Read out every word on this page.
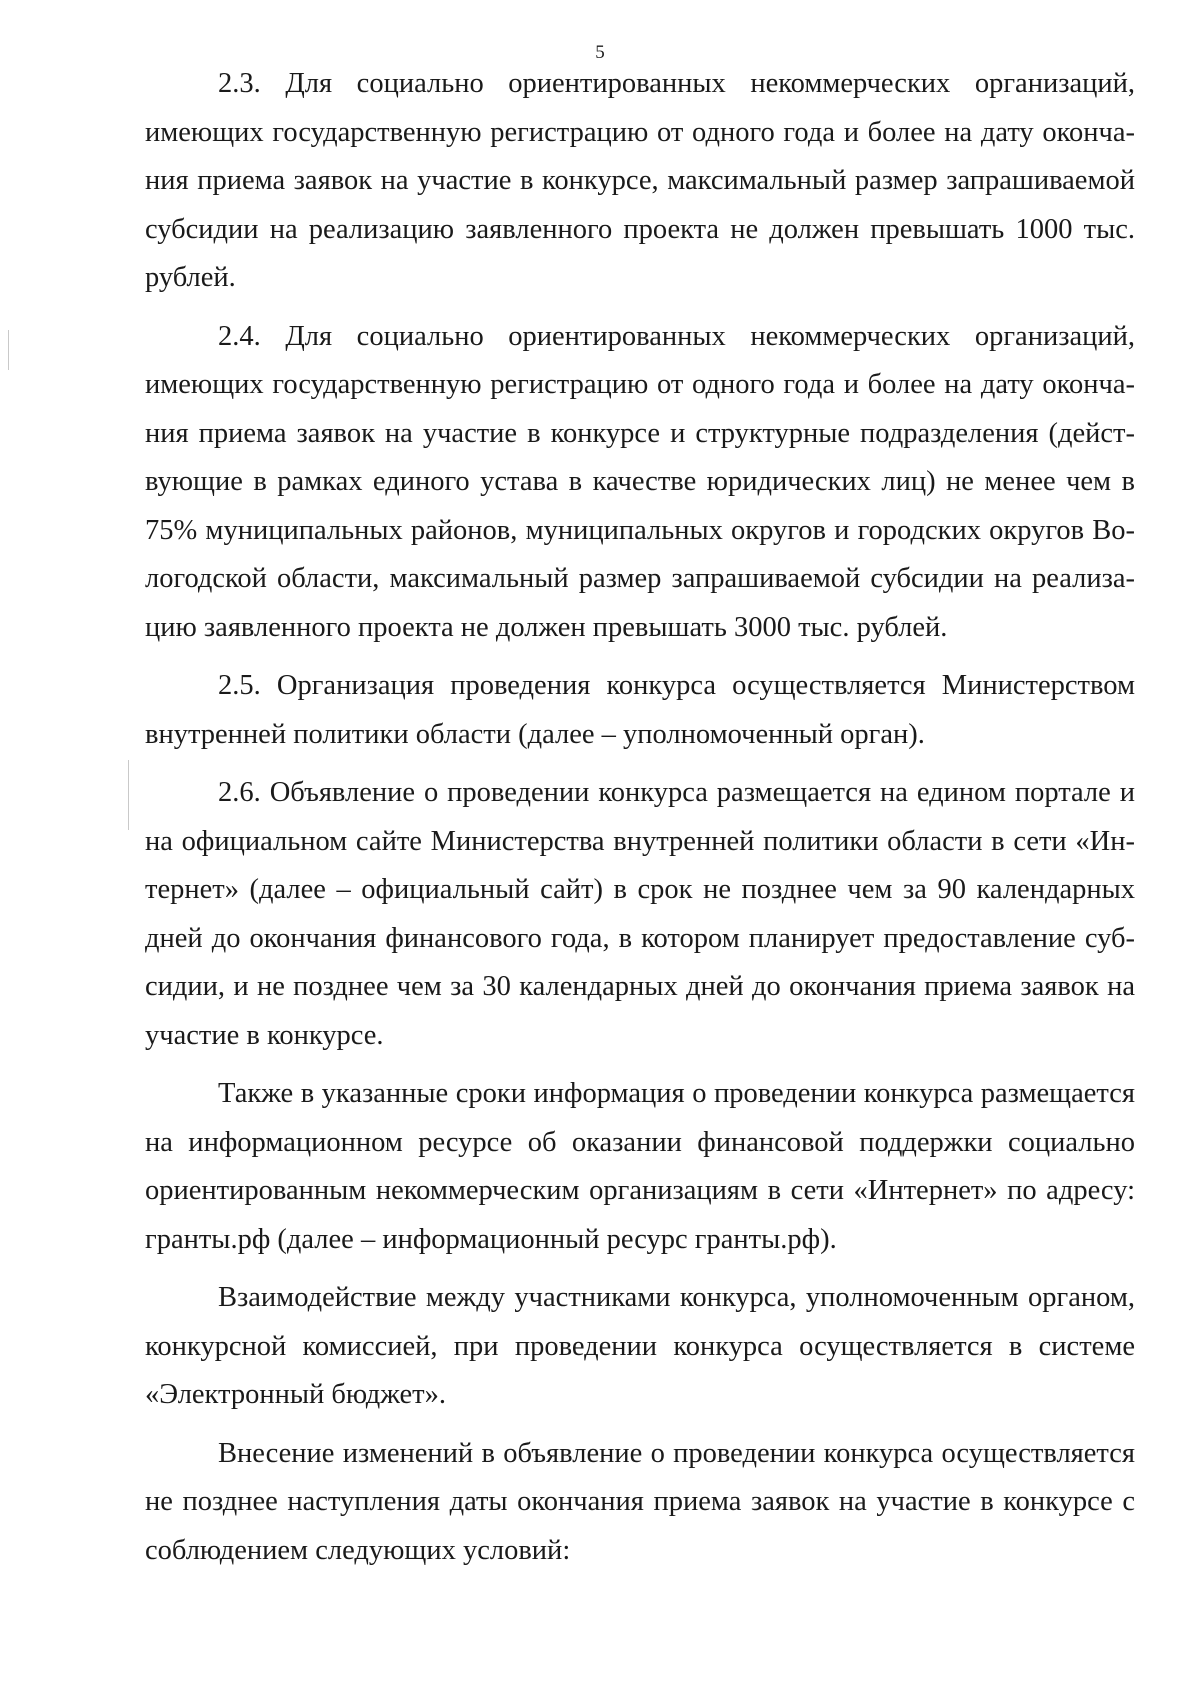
5

2.3. Для социально ориентированных некоммерческих организаций, имеющих государственную регистрацию от одного года и более на дату окончания приема заявок на участие в конкурсе, максимальный размер запрашиваемой субсидии на реализацию заявленного проекта не должен превышать 1000 тыс. рублей.

2.4. Для социально ориентированных некоммерческих организаций, имеющих государственную регистрацию от одного года и более на дату окончания приема заявок на участие в конкурсе и структурные подразделения (действующие в рамках единого устава в качестве юридических лиц) не менее чем в 75% муниципальных районов, муниципальных округов и городских округов Вологодской области, максимальный размер запрашиваемой субсидии на реализацию заявленного проекта не должен превышать 3000 тыс. рублей.

2.5. Организация проведения конкурса осуществляется Министерством внутренней политики области (далее – уполномоченный орган).

2.6. Объявление о проведении конкурса размещается на едином портале и на официальном сайте Министерства внутренней политики области в сети «Интернет» (далее – официальный сайт) в срок не позднее чем за 90 календарных дней до окончания финансового года, в котором планирует предоставление субсидии, и не позднее чем за 30 календарных дней до окончания приема заявок на участие в конкурсе.

Также в указанные сроки информация о проведении конкурса размещается на информационном ресурсе об оказании финансовой поддержки социально ориентированным некоммерческим организациям в сети «Интернет» по адресу: гранты.рф (далее – информационный ресурс гранты.рф).

Взаимодействие между участниками конкурса, уполномоченным органом, конкурсной комиссией, при проведении конкурса осуществляется в системе «Электронный бюджет».

Внесение изменений в объявление о проведении конкурса осуществляется не позднее наступления даты окончания приема заявок на участие в конкурсе с соблюдением следующих условий:
